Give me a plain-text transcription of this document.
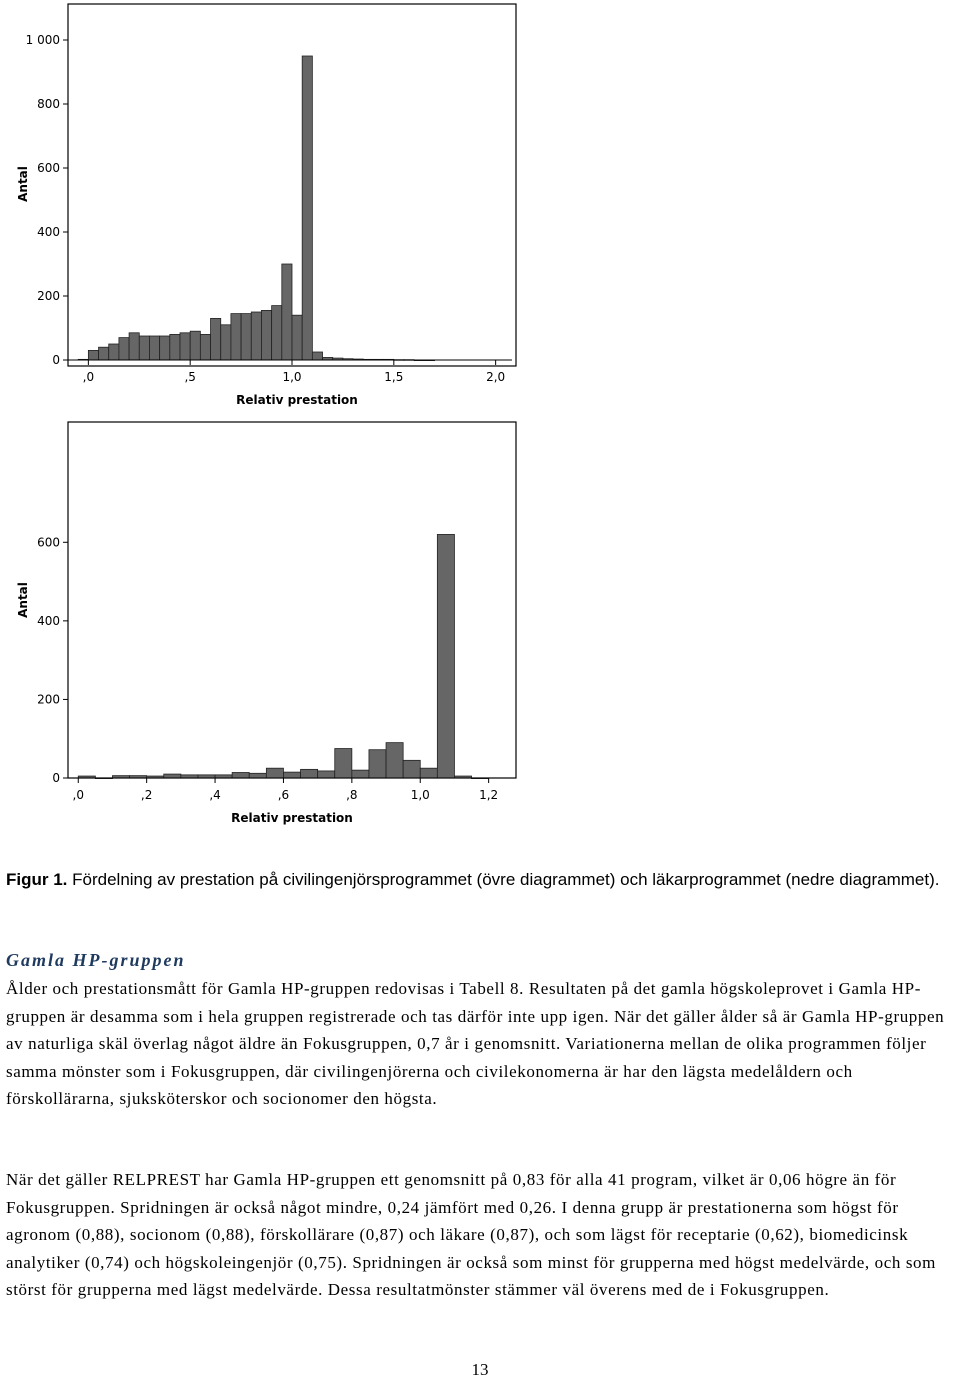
0
200
400
600
800
1 000
,0	,5	1,0	1,5	2,0
Antal
Relativ prestation
0
200
400
600
,0	,2	,4	,6	,8	1,0	1,2
Antal
Relativ prestation
Figur 1. Fördelning av prestation på civilingenjörsprogrammet (övre diagrammet) och läkarprogrammet (nedre diagrammet).
Gamla HP-gruppen

Ålder och prestationsmått för Gamla HP-gruppen redovisas i Tabell 8. Resultaten på det gamla högskoleprovet i Gamla HP-gruppen är desamma som i hela gruppen registrerade och tas därför inte upp igen. När det gäller ålder så är Gamla HP-gruppen av naturliga skäl överlag något äldre än Fokusgruppen, 0,7 år i genomsnitt. Variationerna mellan de olika programmen följer samma mönster som i Fokusgruppen, där civilingenjörerna och civilekonomerna är har den lägsta medelåldern och förskollärarna, sjuksköterskor och socionomer den högsta.

När det gäller RELPREST har Gamla HP-gruppen ett genomsnitt på 0,83 för alla 41 program, vilket är 0,06 högre än för Fokusgruppen. Spridningen är också något mindre, 0,24 jämfört med 0,26. I denna grupp är prestationerna som högst för agronom (0,88), socionom (0,88), förskollärare (0,87) och läkare (0,87), och som lägst för receptarie (0,62), biomedicinsk analytiker (0,74) och högskoleingenjör (0,75). Spridningen är också som minst för grupperna med högst medelvärde, och som störst för grupperna med lägst medelvärde. Dessa resultatmönster stämmer väl överens med de i Fokusgruppen.

13
